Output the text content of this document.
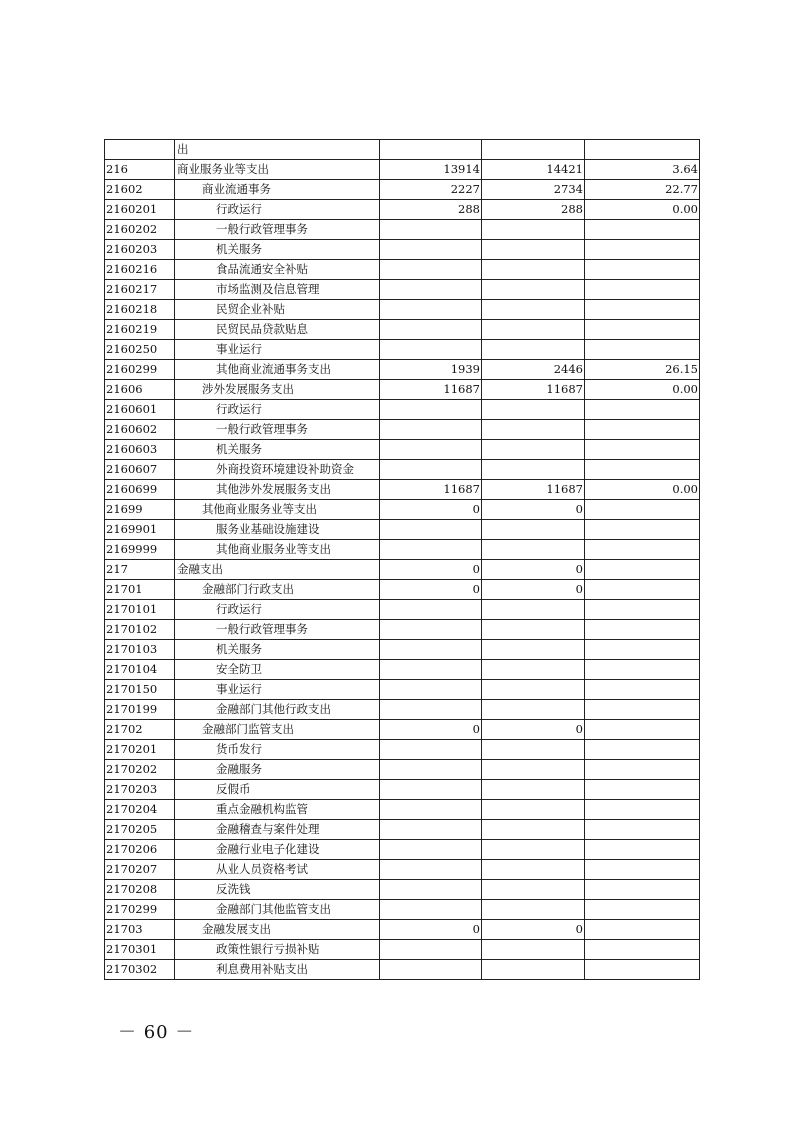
	出			
216	商业服务业等支出	13914	14421	3.64
21602	商业流通事务	2227	2734	22.77
2160201	行政运行	288	288	0.00
2160202	一般行政管理事务			
2160203	机关服务			
2160216	食品流通安全补贴			
2160217	市场监测及信息管理			
2160218	民贸企业补贴			
2160219	民贸民品贷款贴息			
2160250	事业运行			
2160299	其他商业流通事务支出	1939	2446	26.15
21606	涉外发展服务支出	11687	11687	0.00
2160601	行政运行			
2160602	一般行政管理事务			
2160603	机关服务			
2160607	外商投资环境建设补助资金			
2160699	其他涉外发展服务支出	11687	11687	0.00
21699	其他商业服务业等支出	0	0	
2169901	服务业基础设施建设			
2169999	其他商业服务业等支出			
217	金融支出	0	0	
21701	金融部门行政支出	0	0	
2170101	行政运行			
2170102	一般行政管理事务			
2170103	机关服务			
2170104	安全防卫			
2170150	事业运行			
2170199	金融部门其他行政支出			
21702	金融部门监管支出	0	0	
2170201	货币发行			
2170202	金融服务			
2170203	反假币			
2170204	重点金融机构监管			
2170205	金融稽查与案件处理			
2170206	金融行业电子化建设			
2170207	从业人员资格考试			
2170208	反洗钱			
2170299	金融部门其他监管支出			
21703	金融发展支出	0	0	
2170301	政策性银行亏损补贴			
2170302	利息费用补贴支出			
－ 60 －
